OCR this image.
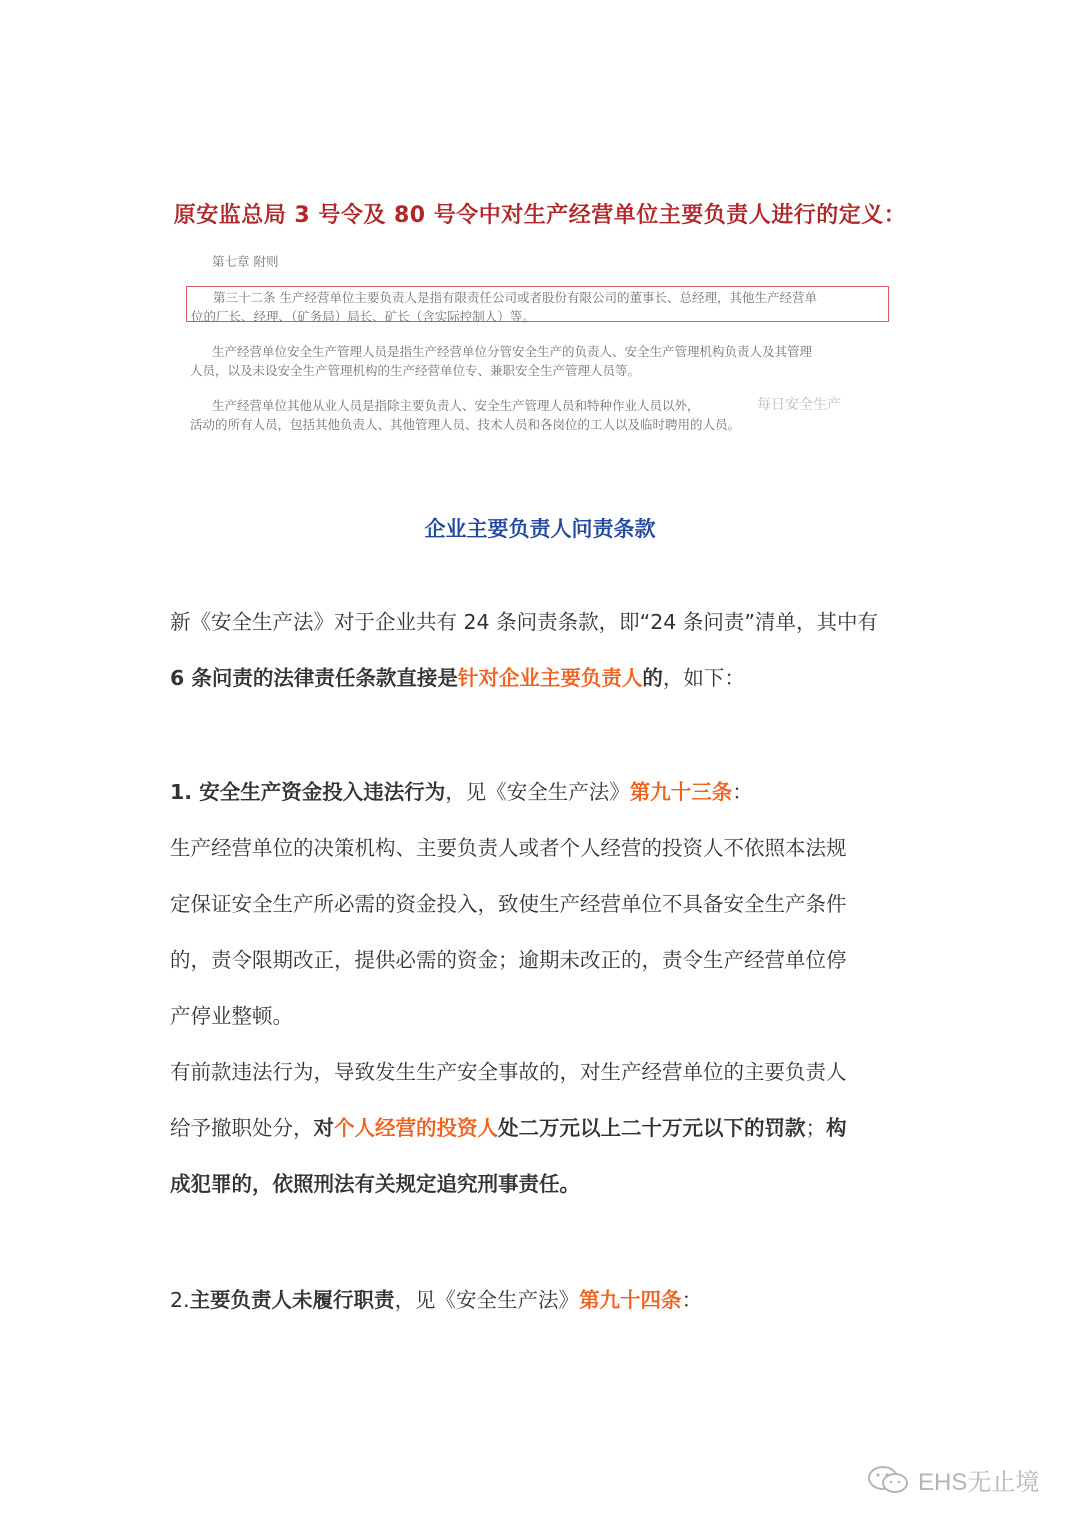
原安监总局 3 号令及 80 号令中对生产经营单位主要负责人进行的定义：
第七章 附则
第三十二条 生产经营单位主要负责人是指有限责任公司或者股份有限公司的董事长、总经理，其他生产经营单
位的厂长、经理、（矿务局）局长、矿长（含实际控制人）等。
生产经营单位安全生产管理人员是指生产经营单位分管安全生产的负责人、安全生产管理机构负责人及其管理
人员，以及未设安全生产管理机构的生产经营单位专、兼职安全生产管理人员等。
生产经营单位其他从业人员是指除主要负责人、安全生产管理人员和特种作业人员以外，
活动的所有人员，包括其他负责人、其他管理人员、技术人员和各岗位的工人以及临时聘用的人员。
每日安全生产
企业主要负责人问责条款
新《安全生产法》对于企业共有 24 条问责条款，即“24 条问责”清单，其中有
6 条问责的法律责任条款直接是针对企业主要负责人的，如下：
1. 安全生产资金投入违法行为，见《安全生产法》第九十三条：
生产经营单位的决策机构、主要负责人或者个人经营的投资人不依照本法规
定保证安全生产所必需的资金投入，致使生产经营单位不具备安全生产条件
的，责令限期改正，提供必需的资金；逾期未改正的，责令生产经营单位停
产停业整顿。
有前款违法行为，导致发生生产安全事故的，对生产经营单位的主要负责人
给予撤职处分，对个人经营的投资人处二万元以上二十万元以下的罚款；构
成犯罪的，依照刑法有关规定追究刑事责任。
2.主要负责人未履行职责，见《安全生产法》第九十四条：
EHS无止境
